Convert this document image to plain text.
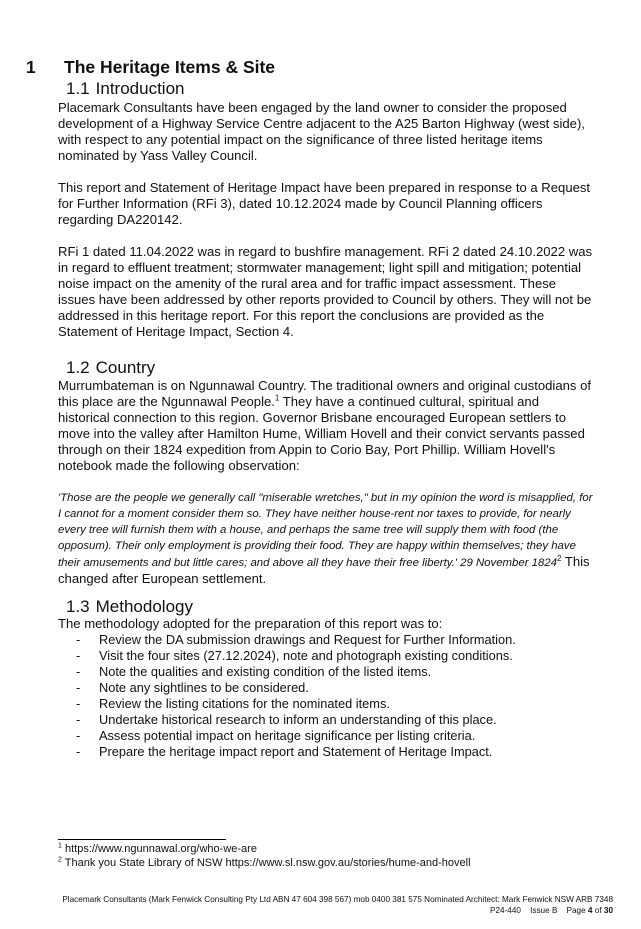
1 The Heritage Items & Site
1.1 Introduction

Placemark Consultants have been engaged by the land owner to consider the proposed development of a Highway Service Centre adjacent to the A25 Barton Highway (west side), with respect to any potential impact on the significance of three listed heritage items nominated by Yass Valley Council.

This report and Statement of Heritage Impact have been prepared in response to a Request for Further Information (RFi 3), dated 10.12.2024 made by Council Planning officers regarding DA220142.

RFi 1 dated 11.04.2022 was in regard to bushfire management. RFi 2 dated 24.10.2022 was in regard to effluent treatment; stormwater management; light spill and mitigation; potential noise impact on the amenity of the rural area and for traffic impact assessment. These issues have been addressed by other reports provided to Council by others. They will not be addressed in this heritage report. For this report the conclusions are provided as the Statement of Heritage Impact, Section 4.

1.2 Country

Murrumbateman is on Ngunnawal Country. The traditional owners and original custodians of this place are the Ngunnawal People.$^1$ They have a continued cultural, spiritual and historical connection to this region. Governor Brisbane encouraged European settlers to move into the valley after Hamilton Hume, William Hovell and their convict servants passed through on their 1824 expedition from Appin to Corio Bay, Port Phillip. William Hovell's notebook made the following observation:

'Those are the people we generally call "miserable wretches," but in my opinion the word is misapplied, for I cannot for a moment consider them so. They have neither house-rent nor taxes to provide, for nearly every tree will furnish them with a house, and perhaps the same tree will supply them with food (the opposum). Their only employment is providing their food. They are happy within themselves; they have their amusements and but little cares; and above all they have their free liberty.' 29 November 1824$^2$ This changed after European settlement.

1.3 Methodology

The methodology adopted for the preparation of this report was to:

- Review the DA submission drawings and Request for Further Information.
- Visit the four sites (27.12.2024), note and photograph existing conditions.
- Note the qualities and existing condition of the listed items.
- Note any sightlines to be considered.
- Review the listing citations for the nominated items.
- Undertake historical research to inform an understanding of this place.
- Assess potential impact on heritage significance per listing criteria.
- Prepare the heritage impact report and Statement of Heritage Impact.

$^1$ https://www.ngunnawal.org/who-we-are

$^2$ Thank you State Library of NSW https://www.sl.nsw.gov.au/stories/hume-and-hovell

Placemark Consultants (Mark Fenwick Consulting Pty Ltd ABN 47 604 398 567) mob 0400 381 575 Nominated Architect: Mark Fenwick NSW ARB 7348
P24-440 Issue B Page 4 of 30
